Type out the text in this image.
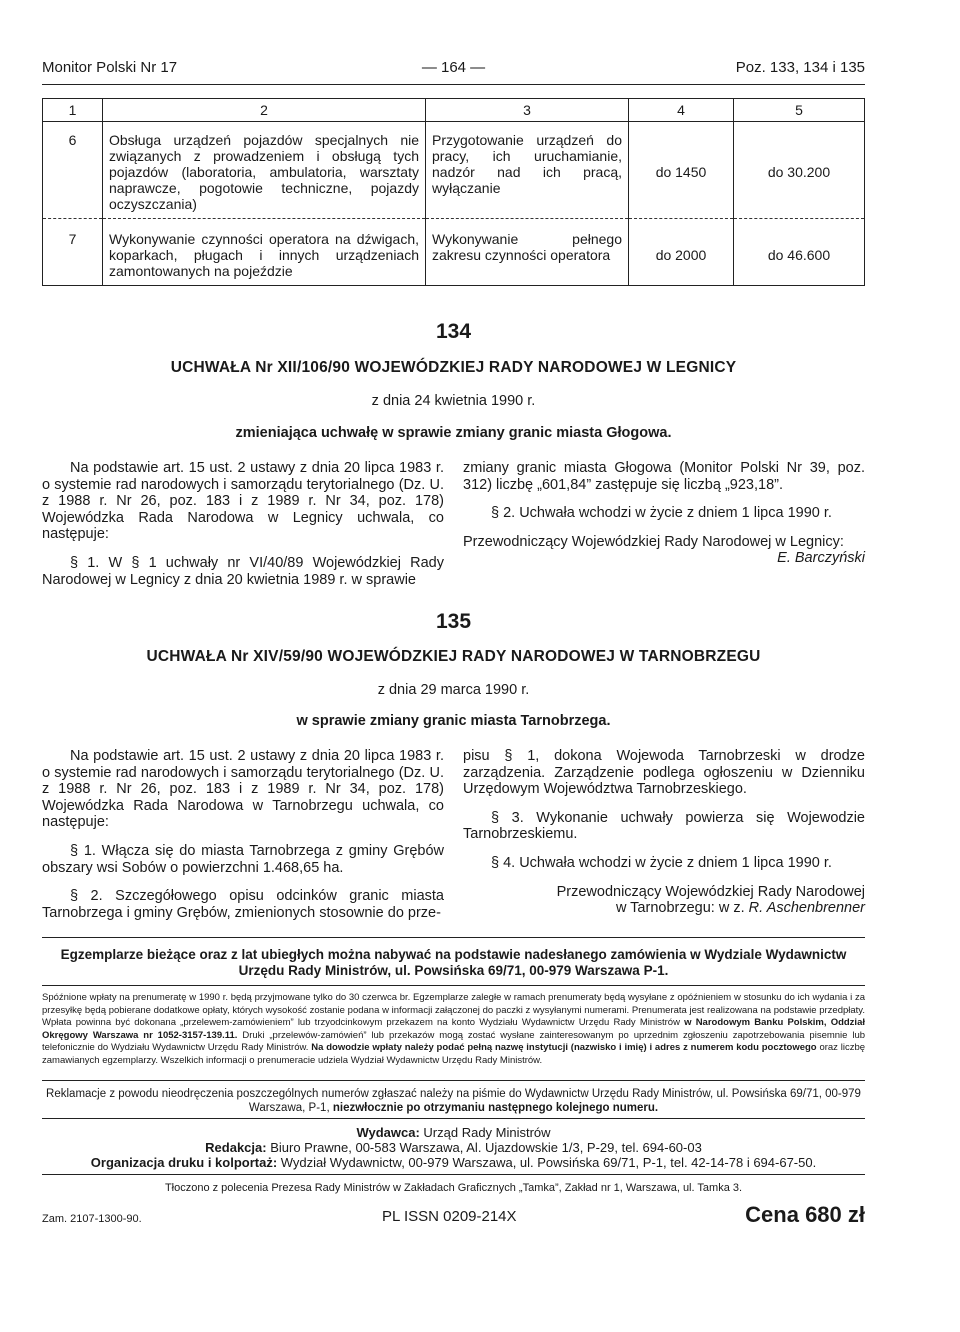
Monitor Polski Nr 17	— 164 —	Poz. 133, 134 i 135
1	2	3	4	5
6	Obsługa urządzeń pojazdów specjalnych nie związanych z prowadzeniem i obsługą tych pojazdów (laboratoria, ambulatoria, warsztaty naprawcze, pogotowie techniczne, pojazdy oczyszczania)	Przygotowanie urządzeń do pracy, ich uruchamianie, nadzór nad ich pracą, wyłączanie	do 1450	do 30.200
7	Wykonywanie czynności operatora na dźwigach, koparkach, pługach i innych urządzeniach zamontowanych na pojeździe	Wykonywanie pełnego zakresu czynności operatora	do 2000	do 46.600
134
UCHWAŁA Nr XII/106/90 WOJEWÓDZKIEJ RADY NARODOWEJ W LEGNICY
z dnia 24 kwietnia 1990 r.
zmieniająca uchwałę w sprawie zmiany granic miasta Głogowa.

Na podstawie art. 15 ust. 2 ustawy z dnia 20 lipca 1983 r. o systemie rad narodowych i samorządu terytorialnego (Dz. U. z 1988 r. Nr 26, poz. 183 i z 1989 r. Nr 34, poz. 178) Wojewódzka Rada Narodowa w Legnicy uchwala, co następuje:

§ 1. W § 1 uchwały nr VI/40/89 Wojewódzkiej Rady Narodowej w Legnicy z dnia 20 kwietnia 1989 r. w sprawie

zmiany granic miasta Głogowa (Monitor Polski Nr 39, poz. 312) liczbę „601,84” zastępuje się liczbą „923,18”.

§ 2. Uchwała wchodzi w życie z dniem 1 lipca 1990 r.

Przewodniczący Wojewódzkiej Rady Narodowej w Legnicy:

E. Barczyński
135
UCHWAŁA Nr XIV/59/90 WOJEWÓDZKIEJ RADY NARODOWEJ W TARNOBRZEGU
z dnia 29 marca 1990 r.
w sprawie zmiany granic miasta Tarnobrzega.

Na podstawie art. 15 ust. 2 ustawy z dnia 20 lipca 1983 r. o systemie rad narodowych i samorządu terytorialnego (Dz. U. z 1988 r. Nr 26, poz. 183 i z 1989 r. Nr 34, poz. 178) Wojewódzka Rada Narodowa w Tarnobrzegu uchwala, co następuje:

§ 1. Włącza się do miasta Tarnobrzega z gminy Grębów obszary wsi Sobów o powierzchni 1.468,65 ha.

§ 2. Szczegółowego opisu odcinków granic miasta Tarnobrzega i gminy Grębów, zmienionych stosownie do prze-

pisu § 1, dokona Wojewoda Tarnobrzeski w drodze zarządzenia. Zarządzenie podlega ogłoszeniu w Dzienniku Urzędowym Województwa Tarnobrzeskiego.

§ 3. Wykonanie uchwały powierza się Wojewodzie Tarnobrzeskiemu.

§ 4. Uchwała wchodzi w życie z dniem 1 lipca 1990 r.

Przewodniczący Wojewódzkiej Rady Narodowej
w Tarnobrzegu: w z. R. Aschenbrenner
Egzemplarze bieżące oraz z lat ubiegłych można nabywać na podstawie nadesłanego zamówienia w Wydziale Wydawnictw Urzędu Rady Ministrów, ul. Powsińska 69/71, 00-979 Warszawa P-1.
Spóźnione wpłaty na prenumeratę w 1990 r. będą przyjmowane tylko do 30 czerwca br. Egzemplarze zaległe w ramach prenumeraty będą wysyłane z opóźnieniem w stosunku do ich wydania i za przesyłkę będą pobierane dodatkowe opłaty, których wysokość zostanie podana w informacji załączonej do paczki z wysyłanymi numerami. Prenumerata jest realizowana na podstawie przedpłaty. Wpłata powinna być dokonana „przelewem-zamówieniem” lub trzyodcinkowym przekazem na konto Wydziału Wydawnictw Urzędu Rady Ministrów w Narodowym Banku Polskim, Oddział Okręgowy Warszawa nr 1052-3157-139.11. Druki „przelewów-zamówień” lub przekazów mogą zostać wysłane zainteresowanym po uprzednim zgłoszeniu zapotrzebowania pisemnie lub telefonicznie do Wydziału Wydawnictw Urzędu Rady Ministrów. Na dowodzie wpłaty należy podać pełną nazwę instytucji (nazwisko i imię) i adres z numerem kodu pocztowego oraz liczbę zamawianych egzemplarzy. Wszelkich informacji o prenumeracie udziela Wydział Wydawnictw Urzędu Rady Ministrów.
Reklamacje z powodu nieodręczenia poszczególnych numerów zgłaszać należy na piśmie do Wydawnictw Urzędu Rady Ministrów, ul. Powsińska 69/71, 00-979 Warszawa, P-1, niezwłocznie po otrzymaniu następnego kolejnego numeru.
Wydawca: Urząd Rady Ministrów
Redakcja: Biuro Prawne, 00-583 Warszawa, Al. Ujazdowskie 1/3, P-29, tel. 694-60-03
Organizacja druku i kolportaż: Wydział Wydawnictw, 00-979 Warszawa, ul. Powsińska 69/71, P-1, tel. 42-14-78 i 694-67-50.
Tłoczono z polecenia Prezesa Rady Ministrów w Zakładach Graficznych „Tamka”, Zakład nr 1, Warszawa, ul. Tamka 3.
Zam. 2107-1300-90.	PL ISSN 0209-214X	Cena 680 zł
